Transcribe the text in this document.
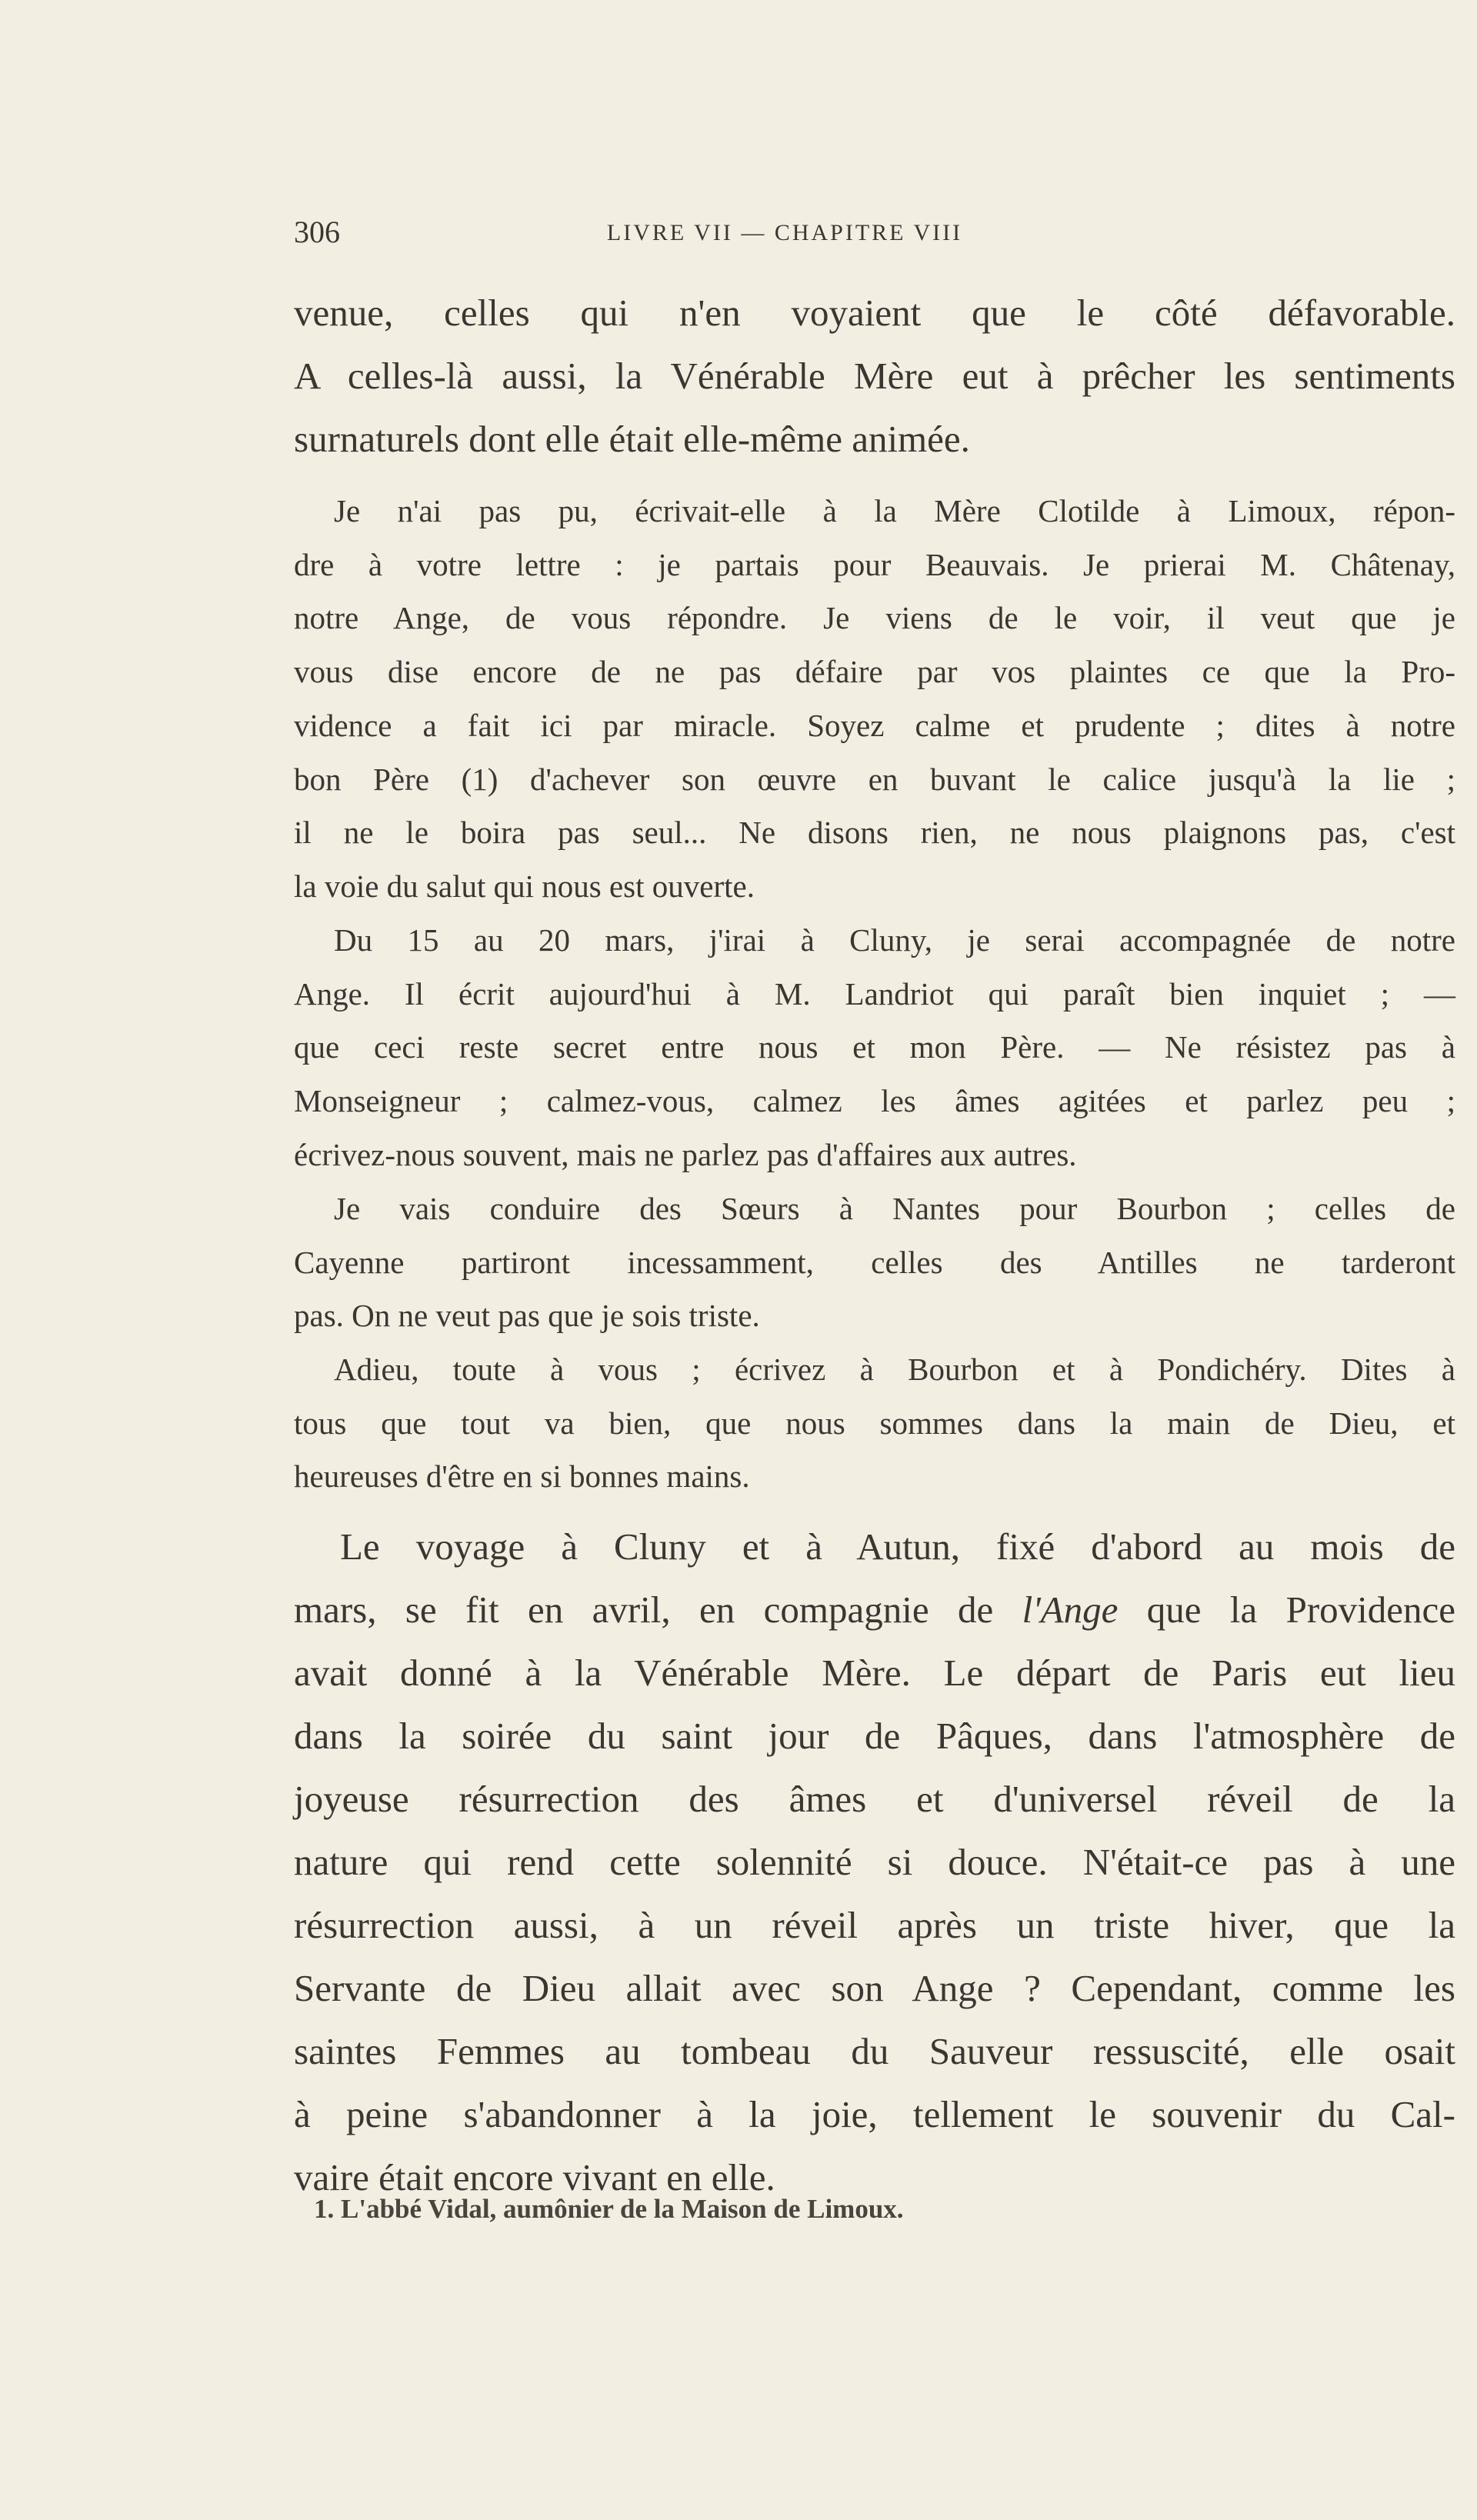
306	LIVRE VII — CHAPITRE VIII
venue, celles qui n'en voyaient que le côté défavorable.
A celles-là aussi, la Vénérable Mère eut à prêcher les sentiments
surnaturels dont elle était elle-même animée.
Je n'ai pas pu, écrivait-elle à la Mère Clotilde à Limoux, répon-
dre à votre lettre : je partais pour Beauvais. Je prierai M. Châtenay,
notre Ange, de vous répondre. Je viens de le voir, il veut que je
vous dise encore de ne pas défaire par vos plaintes ce que la Pro-
vidence a fait ici par miracle. Soyez calme et prudente ; dites à notre
bon Père (1) d'achever son œuvre en buvant le calice jusqu'à la lie ;
il ne le boira pas seul... Ne disons rien, ne nous plaignons pas, c'est
la voie du salut qui nous est ouverte.
Du 15 au 20 mars, j'irai à Cluny, je serai accompagnée de notre
Ange. Il écrit aujourd'hui à M. Landriot qui paraît bien inquiet ; —
que ceci reste secret entre nous et mon Père. — Ne résistez pas à
Monseigneur ; calmez-vous, calmez les âmes agitées et parlez peu ;
écrivez-nous souvent, mais ne parlez pas d'affaires aux autres.
Je vais conduire des Sœurs à Nantes pour Bourbon ; celles de
Cayenne partiront incessamment, celles des Antilles ne tarderont
pas. On ne veut pas que je sois triste.
Adieu, toute à vous ; écrivez à Bourbon et à Pondichéry. Dites à
tous que tout va bien, que nous sommes dans la main de Dieu, et
heureuses d'être en si bonnes mains.
Le voyage à Cluny et à Autun, fixé d'abord au mois de
mars, se fit en avril, en compagnie de l'Ange que la Providence
avait donné à la Vénérable Mère. Le départ de Paris eut lieu
dans la soirée du saint jour de Pâques, dans l'atmosphère de
joyeuse résurrection des âmes et d'universel réveil de la
nature qui rend cette solennité si douce. N'était-ce pas à une
résurrection aussi, à un réveil après un triste hiver, que la
Servante de Dieu allait avec son Ange ? Cependant, comme les
saintes Femmes au tombeau du Sauveur ressuscité, elle osait
à peine s'abandonner à la joie, tellement le souvenir du Cal-
vaire était encore vivant en elle.
1. L'abbé Vidal, aumônier de la Maison de Limoux.
